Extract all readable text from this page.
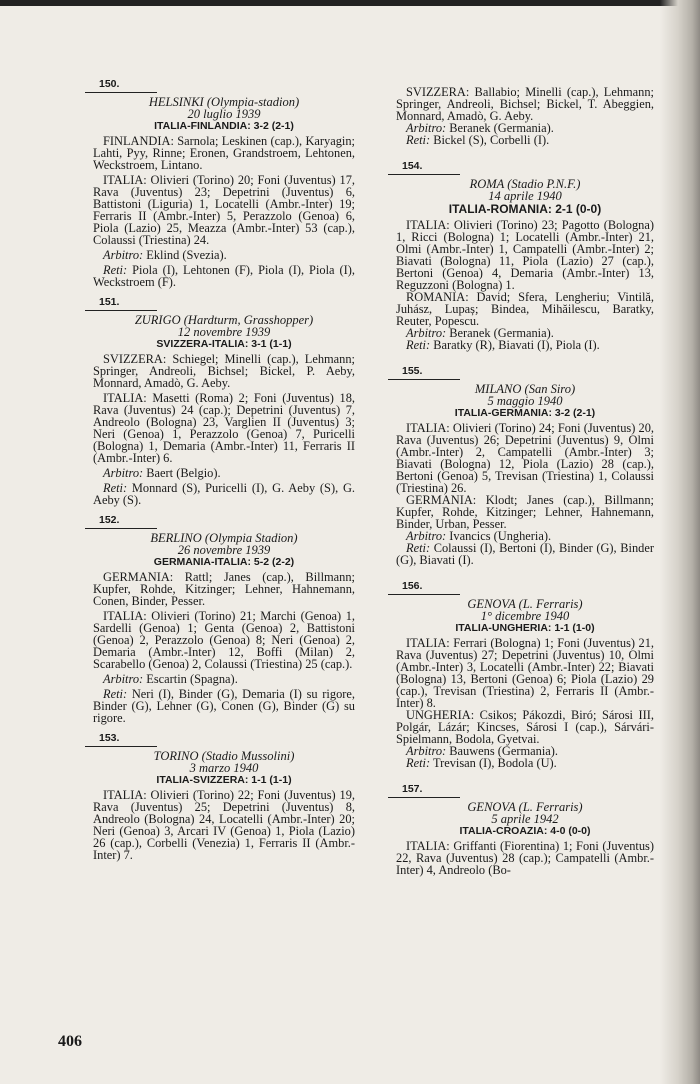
150.
HELSINKI (Olympia-stadion)
20 luglio 1939
ITALIA-FINLANDIA: 3-2 (2-1)

FINLANDIA: Sarnola; Leskinen (cap.), Karyagin; Lahti, Pyy, Rinne; Eronen, Grandstroem, Lehtonen, Weckstroem, Lintano.

ITALIA: Olivieri (Torino) 20; Foni (Juventus) 17, Rava (Juventus) 23; Depetrini (Juventus) 6, Battistoni (Liguria) 1, Locatelli (Ambr.-Inter) 19; Ferraris II (Ambr.-Inter) 5, Perazzolo (Genoa) 6, Piola (Lazio) 25, Meazza (Ambr.-Inter) 53 (cap.), Colaussi (Triestina) 24.

Arbitro: Eklind (Svezia).

Reti: Piola (I), Lehtonen (F), Piola (I), Piola (I), Weckstroem (F).

151.
ZURIGO (Hardturm, Grasshopper)
12 novembre 1939
SVIZZERA-ITALIA: 3-1 (1-1)

SVIZZERA: Schiegel; Minelli (cap.), Lehmann; Springer, Andreoli, Bichsel; Bickel, P. Aeby, Monnard, Amadò, G. Aeby.

ITALIA: Masetti (Roma) 2; Foni (Juventus) 18, Rava (Juventus) 24 (cap.); Depetrini (Juventus) 7, Andreolo (Bologna) 23, Varglien II (Juventus) 3; Neri (Genoa) 1, Perazzolo (Genoa) 7, Puricelli (Bologna) 1, Demaria (Ambr.-Inter) 11, Ferraris II (Ambr.-Inter) 6.

Arbitro: Baert (Belgio).

Reti: Monnard (S), Puricelli (I), G. Aeby (S), G. Aeby (S).

152.
BERLINO (Olympia Stadion)
26 novembre 1939
GERMANIA-ITALIA: 5-2 (2-2)

GERMANIA: Rattl; Janes (cap.), Billmann; Kupfer, Rohde, Kitzinger; Lehner, Hahnemann, Conen, Binder, Pesser.

ITALIA: Olivieri (Torino) 21; Marchi (Genoa) 1, Sardelli (Genoa) 1; Genta (Genoa) 2, Battistoni (Genoa) 2, Perazzolo (Genoa) 8; Neri (Genoa) 2, Demaria (Ambr.-Inter) 12, Boffi (Milan) 2, Scarabello (Genoa) 2, Colaussi (Triestina) 25 (cap.).

Arbitro: Escartin (Spagna).

Reti: Neri (I), Binder (G), Demaria (I) su rigore, Binder (G), Lehner (G), Conen (G), Binder (G) su rigore.

153.
TORINO (Stadio Mussolini)
3 marzo 1940
ITALIA-SVIZZERA: 1-1 (1-1)

ITALIA: Olivieri (Torino) 22; Foni (Juventus) 19, Rava (Juventus) 25; Depetrini (Juventus) 8, Andreolo (Bologna) 24, Locatelli (Ambr.-Inter) 20; Neri (Genoa) 3, Arcari IV (Genoa) 1, Piola (Lazio) 26 (cap.), Corbelli (Venezia) 1, Ferraris II (Ambr.-Inter) 7.

SVIZZERA: Ballabio; Minelli (cap.), Lehmann; Springer, Andreoli, Bichsel; Bickel, T. Abeggien, Monnard, Amadò, G. Aeby.

Arbitro: Beranek (Germania).

Reti: Bickel (S), Corbelli (I).

154.
ROMA (Stadio P.N.F.)
14 aprile 1940
ITALIA-ROMANIA: 2-1 (0-0)

ITALIA: Olivieri (Torino) 23; Pagotto (Bologna) 1, Ricci (Bologna) 1; Locatelli (Ambr.-Inter) 21, Olmi (Ambr.-Inter) 1, Campatelli (Ambr.-Inter) 2; Biavati (Bologna) 11, Piola (Lazio) 27 (cap.), Bertoni (Genoa) 4, Demaria (Ambr.-Inter) 13, Reguzzoni (Bologna) 1.

ROMANIA: David; Sfera, Lengheriu; Vintilă, Juhász, Lupaș; Bindea, Mihăilescu, Baratky, Reuter, Popescu.

Arbitro: Beranek (Germania).

Reti: Baratky (R), Biavati (I), Piola (I).

155.
MILANO (San Siro)
5 maggio 1940
ITALIA-GERMANIA: 3-2 (2-1)

ITALIA: Olivieri (Torino) 24; Foni (Juventus) 20, Rava (Juventus) 26; Depetrini (Juventus) 9, Olmi (Ambr.-Inter) 2, Campatelli (Ambr.-Inter) 3; Biavati (Bologna) 12, Piola (Lazio) 28 (cap.), Bertoni (Genoa) 5, Trevisan (Triestina) 1, Colaussi (Triestina) 26.

GERMANIA: Klodt; Janes (cap.), Billmann; Kupfer, Rohde, Kitzinger; Lehner, Hahnemann, Binder, Urban, Pesser.

Arbitro: Ivancics (Ungheria).

Reti: Colaussi (I), Bertoni (I), Binder (G), Binder (G), Biavati (I).

156.
GENOVA (L. Ferraris)
1° dicembre 1940
ITALIA-UNGHERIA: 1-1 (1-0)

ITALIA: Ferrari (Bologna) 1; Foni (Juventus) 21, Rava (Juventus) 27; Depetrini (Juventus) 10, Olmi (Ambr.-Inter) 3, Locatelli (Ambr.-Inter) 22; Biavati (Bologna) 13, Bertoni (Genoa) 6; Piola (Lazio) 29 (cap.), Trevisan (Triestina) 2, Ferraris II (Ambr.-Inter) 8.

UNGHERIA: Csikos; Pákozdi, Biró; Sárosi III, Polgár, Lázár; Kincses, Sárosi I (cap.), Sárvári-Spielmann, Bodola, Gyetvai.

Arbitro: Bauwens (Germania).

Reti: Trevisan (I), Bodola (U).

157.
GENOVA (L. Ferraris)
5 aprile 1942
ITALIA-CROAZIA: 4-0 (0-0)

ITALIA: Griffanti (Fiorentina) 1; Foni (Juventus) 22, Rava (Juventus) 28 (cap.); Campatelli (Ambr.-Inter) 4, Andreolo (Bo-

406
